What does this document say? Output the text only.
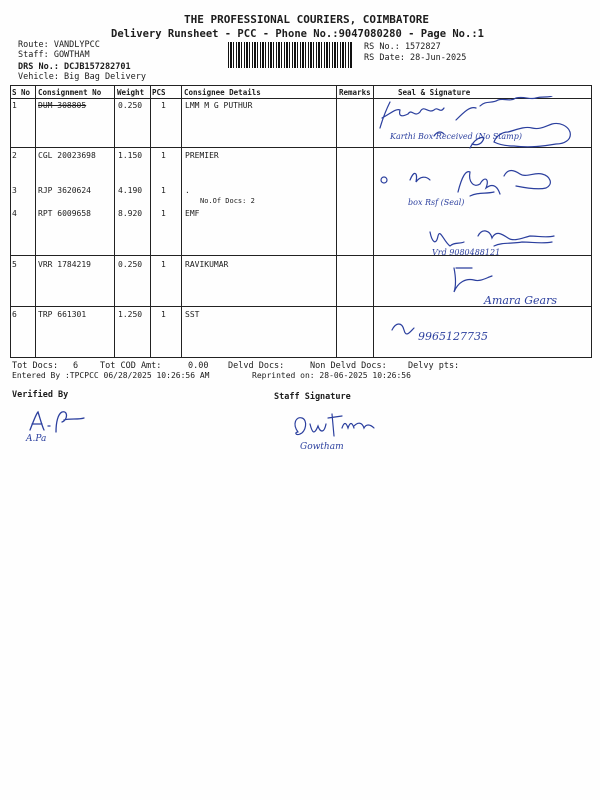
THE PROFESSIONAL COURIERS, COIMBATORE
Delivery Runsheet - PCC - Phone No.:9047080280 - Page No.:1
Route: VANDLYPCC
Staff: GOWTHAM
DRS No.: DCJB157282701
Vehicle: Big Bag Delivery
RS No.: 1572827
RS Date: 28-Jun-2025
S No Consignment No Weight PCS Consignee Details	Remarks	Seal & Signature
1	DUM 308805	0.250 1 LMM M G PUTHUR
2	CGL 20023698	1.150 1 PREMIER
3	RJP 3620624	4.190 1 .
No.Of Docs: 2
4	RPT 6009658	8.920 1 EMF
5	VRR 1784219	0.250 1 RAVIKUMAR
6	TRP 661301	1.250 1 SST
Amara Gears
9965127735
Tot Docs: 6	Tot COD Amt:	0.00 Delvd Docs:	Non Delvd Docs: Delvy pts:
Entered By :TPCPCC 06/28/2025 10:26:56 AM	Reprinted on: 28-06-2025 10:26:56
Verified By	Staff Signature
A.Pa
Gowtham
Karthi Box Received (No Stamp)
box Rsf (Seal)
Vrd 9080488121
